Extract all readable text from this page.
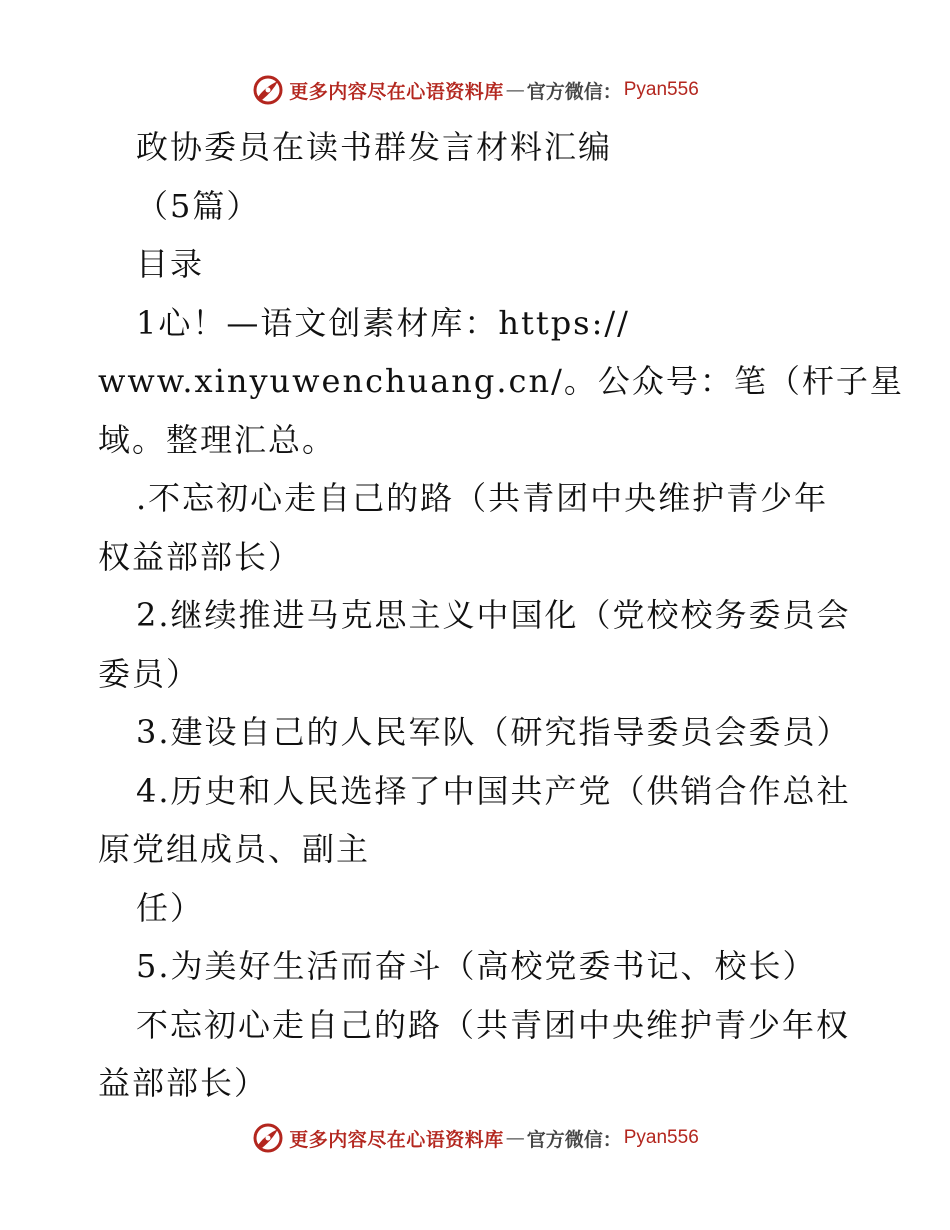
更多内容尽在心语资料库 — 官方微信： Pyan556
政协委员在读书群发言材料汇编
（5篇）
目录
1心！—语文创素材库：https://
www.xinyuwenchuang.cn/。公众号：笔（杆子星
域。整理汇总。
.不忘初心走自己的路（共青团中央维护青少年
权益部部长）
2.继续推进马克思主义中国化（党校校务委员会
委员）
3.建设自己的人民军队（研究指导委员会委员）
4.历史和人民选择了中国共产党（供销合作总社
原党组成员、副主
任）
5.为美好生活而奋斗（高校党委书记、校长）
不忘初心走自己的路（共青团中央维护青少年权
益部部长）
更多内容尽在心语资料库 — 官方微信： Pyan556
